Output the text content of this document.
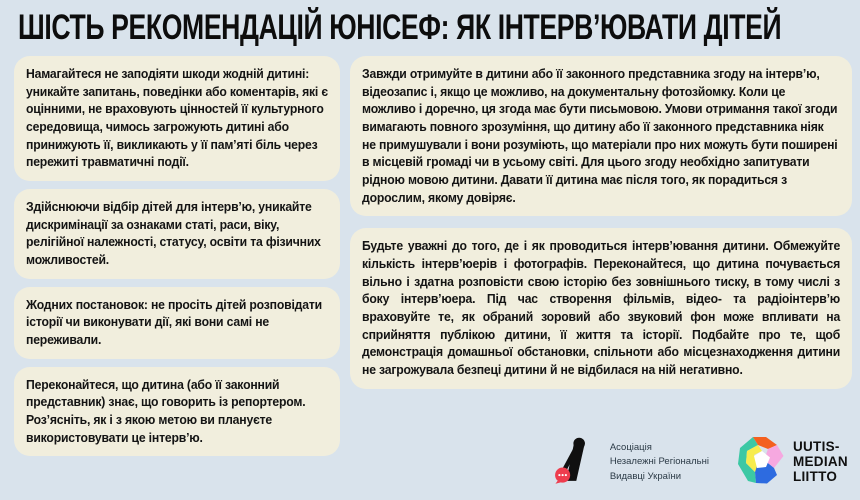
ШІСТЬ РЕКОМЕНДАЦІЙ ЮНІСЕФ: ЯК ІНТЕРВ’ЮВАТИ ДІТЕЙ

Намагайтеся не заподіяти шкоди жодній дитині: уникайте запитань, поведінки або коментарів, які є оцінними, не враховують цінностей її культурного середовища, чимось загрожують дитині або принижують її, викликають у її пам’яті біль через пережиті травматичні події.

Здійснюючи відбір дітей для інтерв’ю, уникайте дискримінації за ознаками статі, раси, віку, релігійної належності, статусу, освіти та фізичних можливостей.

Жодних постановок: не просіть дітей розповідати історії чи виконувати дії, які вони самі не переживали.

Переконайтеся, що дитина (або її законний представник) знає, що говорить із репортером. Роз’ясніть, як і з якою метою ви плануєте використовувати це інтерв’ю.

Завжди отримуйте в дитини або її законного представника згоду на інтерв’ю, відеозапис і, якщо це можливо, на документальну фотозйомку. Коли це можливо і доречно, ця згода має бути письмовою. Умови отримання такої згоди вимагають повного зрозуміння, що дитину або її законного представника ніяк не примушували і вони розуміють, що матеріали про них можуть бути поширені в місцевій громаді чи в усьому світі. Для цього згоду необхідно запитувати рідною мовою дитини. Давати її дитина має після того, як порадиться з дорослим, якому довіряє.

Будьте уважні до того, де і як проводиться інтерв’ювання дитини. Обмежуйте кількість інтерв’юерів і фотографів. Переконайтеся, що дитина почувається вільно і здатна розповісти свою історію без зовнішнього тиску, в тому числі з боку інтерв’юера. Під час створення фільмів, відео- та радіоінтерв’ю враховуйте те, як обраний зоровий або звуковий фон може впливати на сприйняття публікою дитини, її життя та історії. Подбайте про те, щоб демонстрація домашньої обстановки, спільноти або місцезнаходження дитини не загрожувала безпеці дитини й не відбилася на ній негативно.

Асоціація
Незалежні Регіональні
Видавці України
UUTIS-
MEDIAN
LIITTO
